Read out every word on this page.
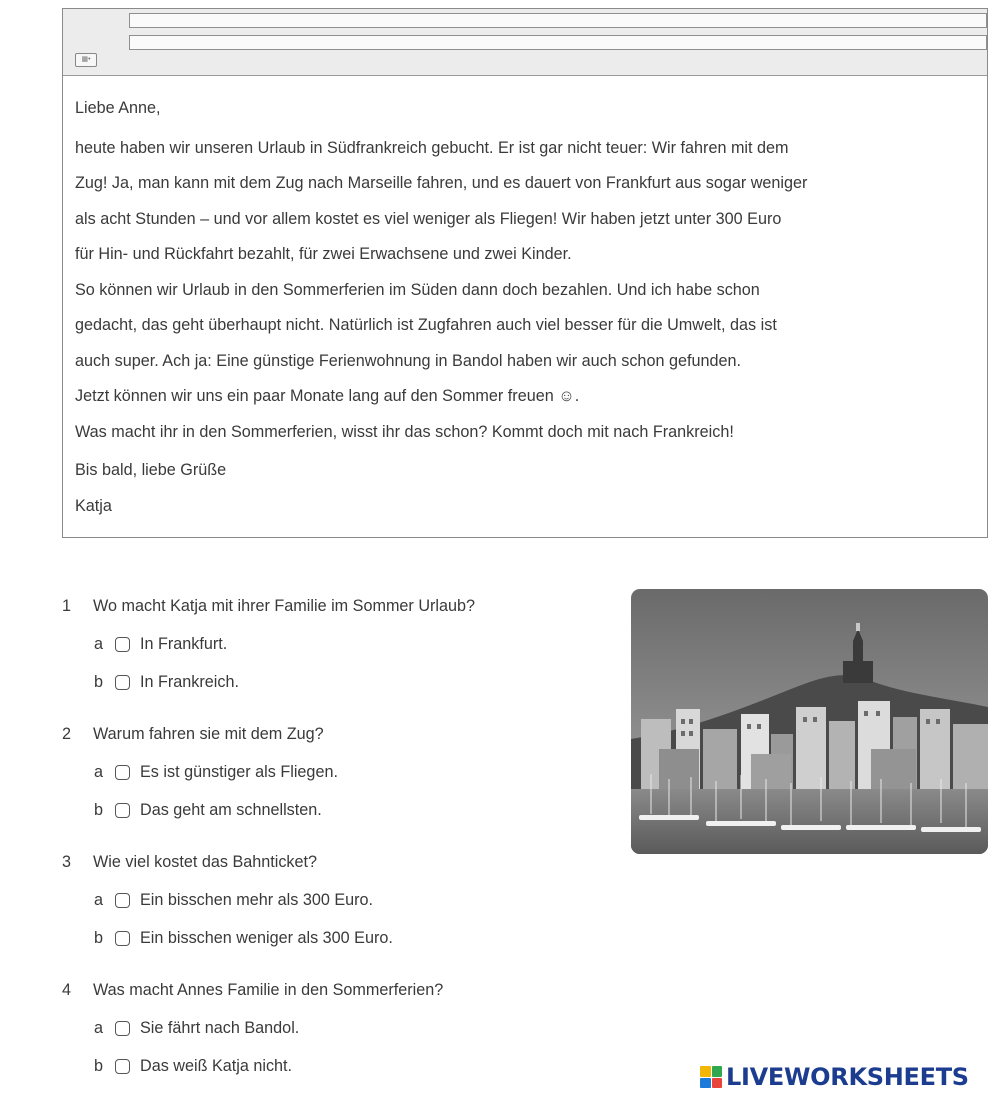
▦•

Liebe Anne,

heute haben wir unseren Urlaub in Südfrankreich gebucht. Er ist gar nicht teuer: Wir fahren mit dem

Zug! Ja, man kann mit dem Zug nach Marseille fahren, und es dauert von Frankfurt aus sogar weniger

als acht Stunden – und vor allem kostet es viel weniger als Fliegen! Wir haben jetzt unter 300 Euro

für Hin- und Rückfahrt bezahlt, für zwei Erwachsene und zwei Kinder.

So können wir Urlaub in den Sommerferien im Süden dann doch bezahlen. Und ich habe schon

gedacht, das geht überhaupt nicht. Natürlich ist Zugfahren auch viel besser für die Umwelt, das ist

auch super. Ach ja: Eine günstige Ferienwohnung in Bandol haben wir auch schon gefunden.

Jetzt können wir uns ein paar Monate lang auf den Sommer freuen ☺.

Was macht ihr in den Sommerferien, wisst ihr das schon? Kommt doch mit nach Frankreich!

Bis bald, liebe Grüße

Katja

1	Wo macht Katja mit ihrer Familie im Sommer Urlaub?
a	In Frankfurt.
b	In Frankreich.
2	Warum fahren sie mit dem Zug?
a	Es ist günstiger als Fliegen.
b	Das geht am schnellsten.
3	Wie viel kostet das Bahnticket?
a	Ein bisschen mehr als 300 Euro.
b	Ein bisschen weniger als 300 Euro.
4	Was macht Annes Familie in den Sommerferien?
a	Sie fährt nach Bandol.
b	Das weiß Katja nicht.	LIVEWORKSHEETS
